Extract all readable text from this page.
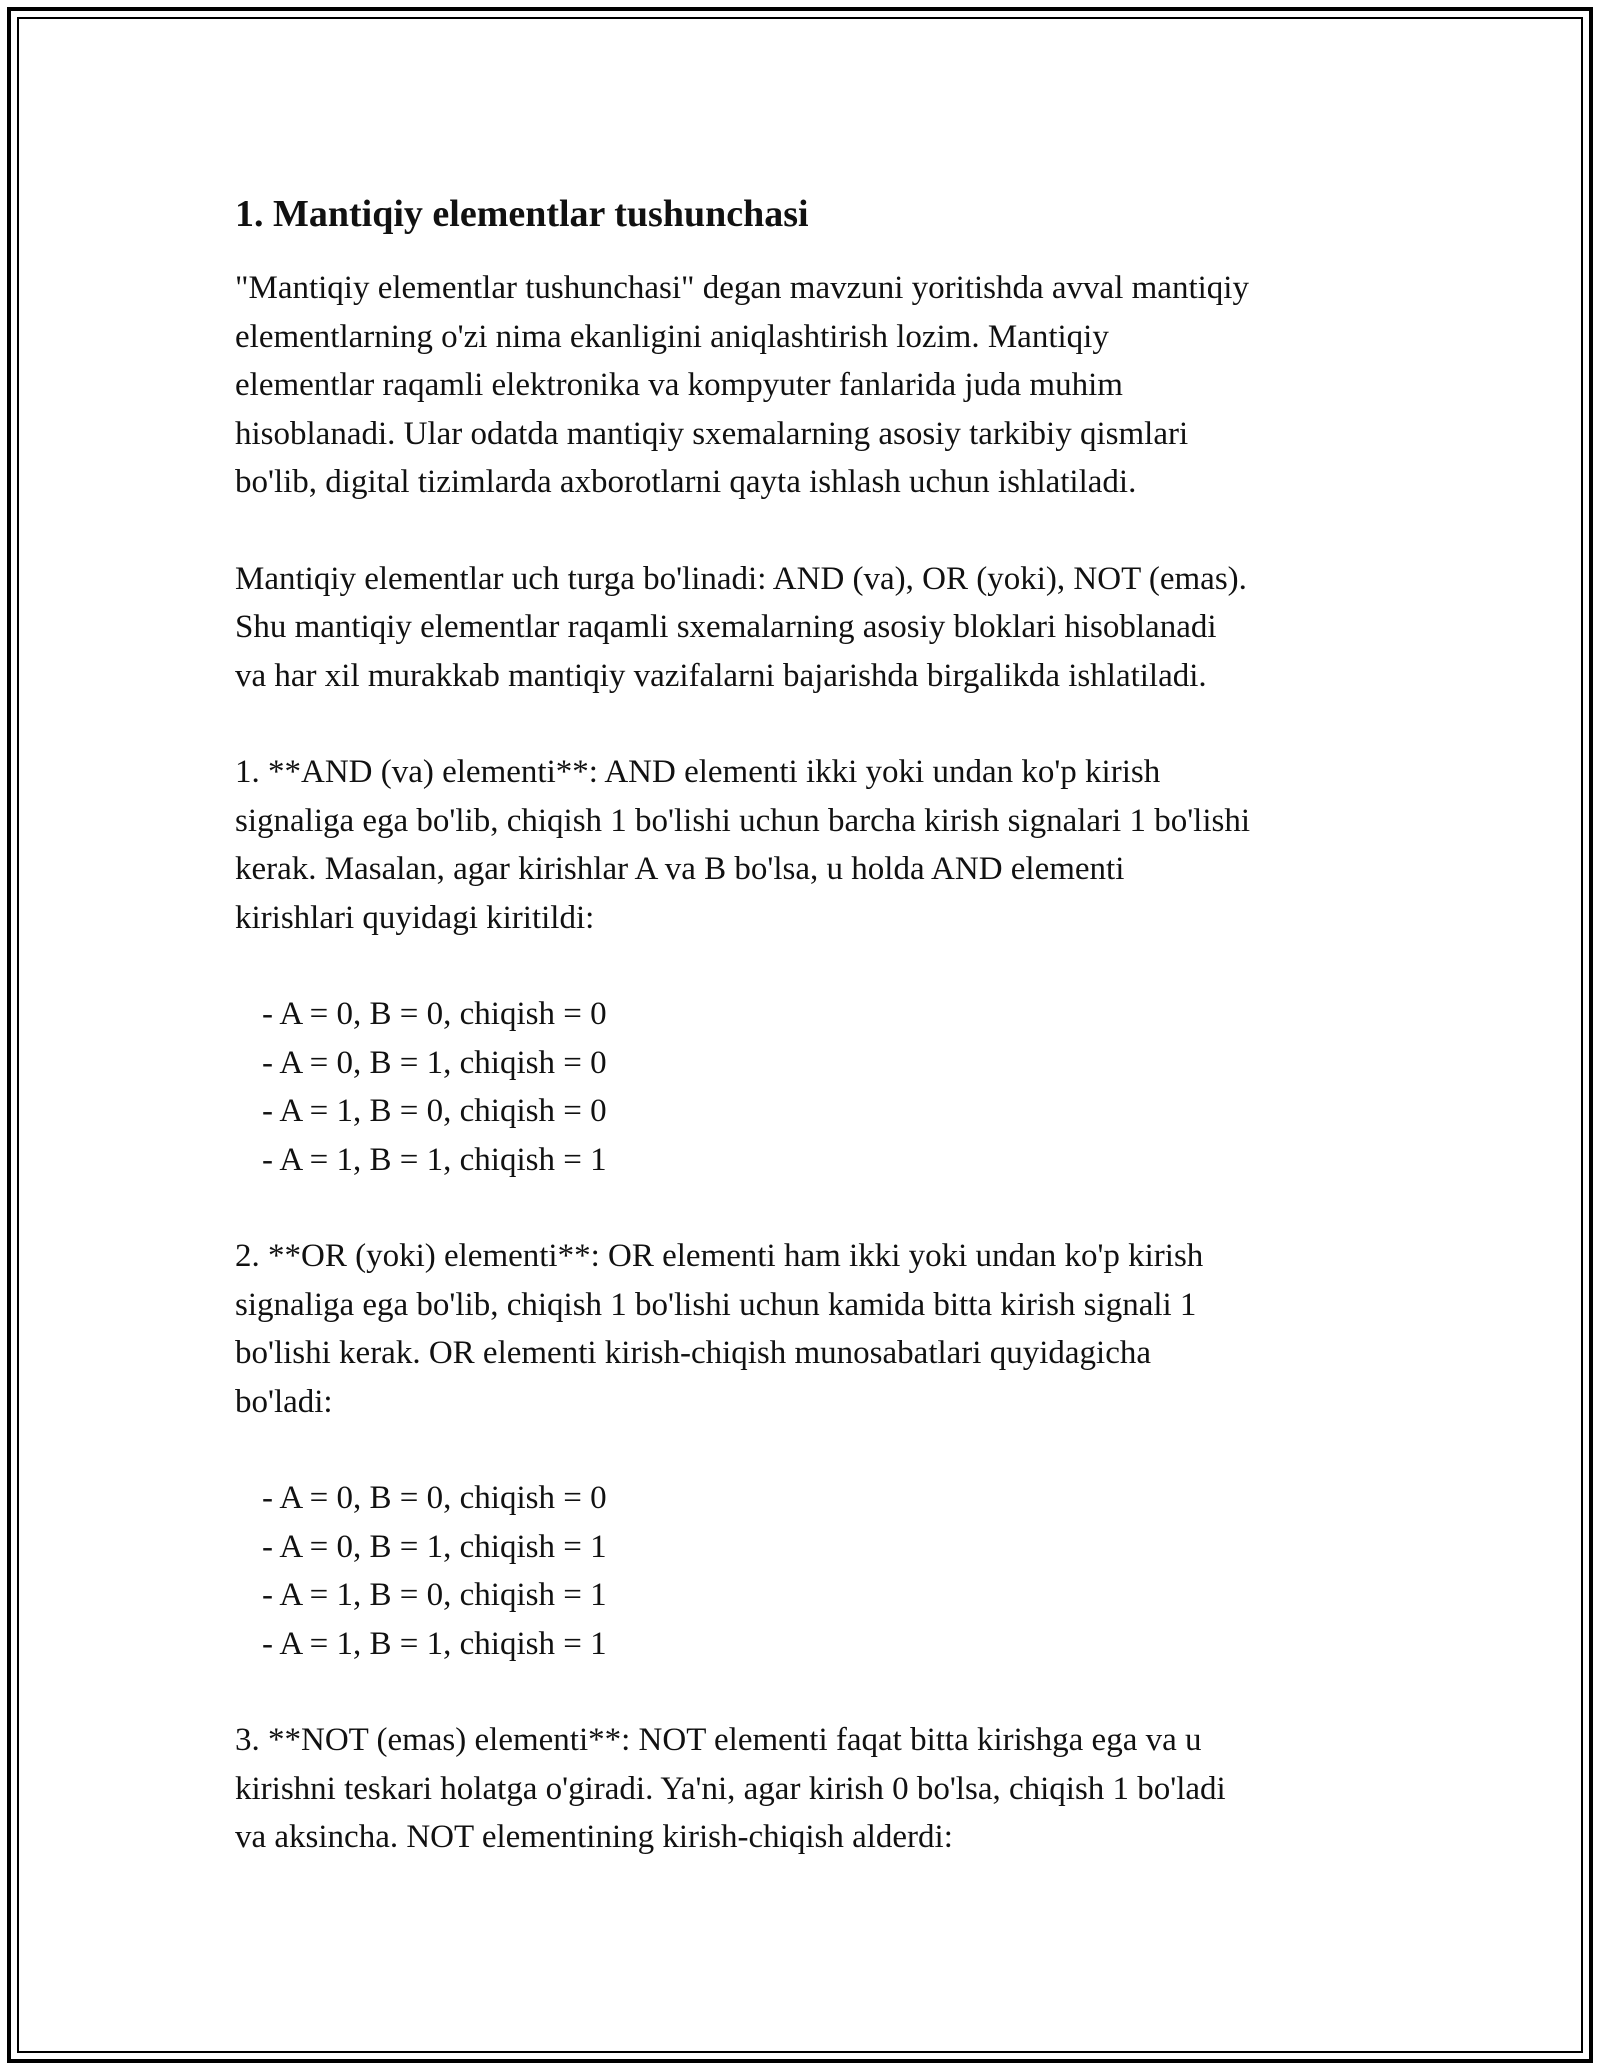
1. Mantiqiy elementlar tushunchasi

"Mantiqiy elementlar tushunchasi" degan mavzuni yoritishda avval mantiqiy
elementlarning o'zi nima ekanligini aniqlashtirish lozim. Mantiqiy
elementlar raqamli elektronika va kompyuter fanlarida juda muhim
hisoblanadi. Ular odatda mantiqiy sxemalarning asosiy tarkibiy qismlari
bo'lib, digital tizimlarda axborotlarni qayta ishlash uchun ishlatiladi.

Mantiqiy elementlar uch turga bo'linadi: AND (va), OR (yoki), NOT (emas).
Shu mantiqiy elementlar raqamli sxemalarning asosiy bloklari hisoblanadi
va har xil murakkab mantiqiy vazifalarni bajarishda birgalikda ishlatiladi.

1. **AND (va) elementi**: AND elementi ikki yoki undan ko'p kirish
signaliga ega bo'lib, chiqish 1 bo'lishi uchun barcha kirish signalari 1 bo'lishi
kerak. Masalan, agar kirishlar A va B bo'lsa, u holda AND elementi
kirishlari quyidagi kiritildi:

- A = 0, B = 0, chiqish = 0
- A = 0, B = 1, chiqish = 0
- A = 1, B = 0, chiqish = 0
- A = 1, B = 1, chiqish = 1

2. **OR (yoki) elementi**: OR elementi ham ikki yoki undan ko'p kirish
signaliga ega bo'lib, chiqish 1 bo'lishi uchun kamida bitta kirish signali 1
bo'lishi kerak. OR elementi kirish-chiqish munosabatlari quyidagicha
bo'ladi:

- A = 0, B = 0, chiqish = 0
- A = 0, B = 1, chiqish = 1
- A = 1, B = 0, chiqish = 1
- A = 1, B = 1, chiqish = 1

3. **NOT (emas) elementi**: NOT elementi faqat bitta kirishga ega va u
kirishni teskari holatga o'giradi. Ya'ni, agar kirish 0 bo'lsa, chiqish 1 bo'ladi
va aksincha. NOT elementining kirish-chiqish alderdi:
